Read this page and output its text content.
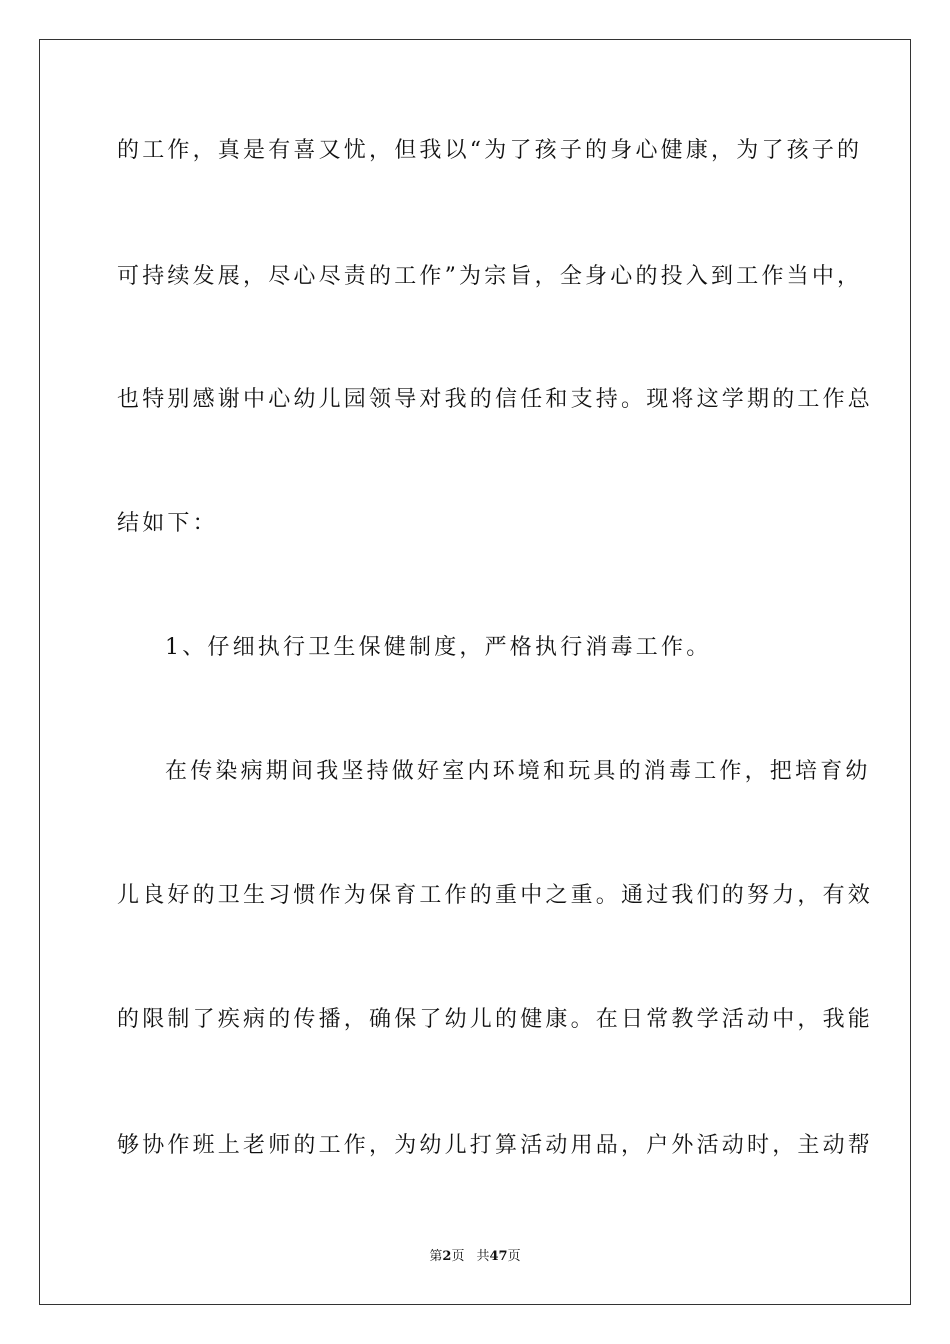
的工作，真是有喜又忧，但我以“为了孩子的身心健康，为了孩子的
可持续发展，尽心尽责的工作”为宗旨，全身心的投入到工作当中，
也特别感谢中心幼儿园领导对我的信任和支持。现将这学期的工作总
结如下：
1、仔细执行卫生保健制度，严格执行消毒工作。
在传染病期间我坚持做好室内环境和玩具的消毒工作，把培育幼
儿良好的卫生习惯作为保育工作的重中之重。通过我们的努力，有效
的限制了疾病的传播，确保了幼儿的健康。在日常教学活动中，我能
够协作班上老师的工作，为幼儿打算活动用品，户外活动时，主动帮
第2页 共47页
